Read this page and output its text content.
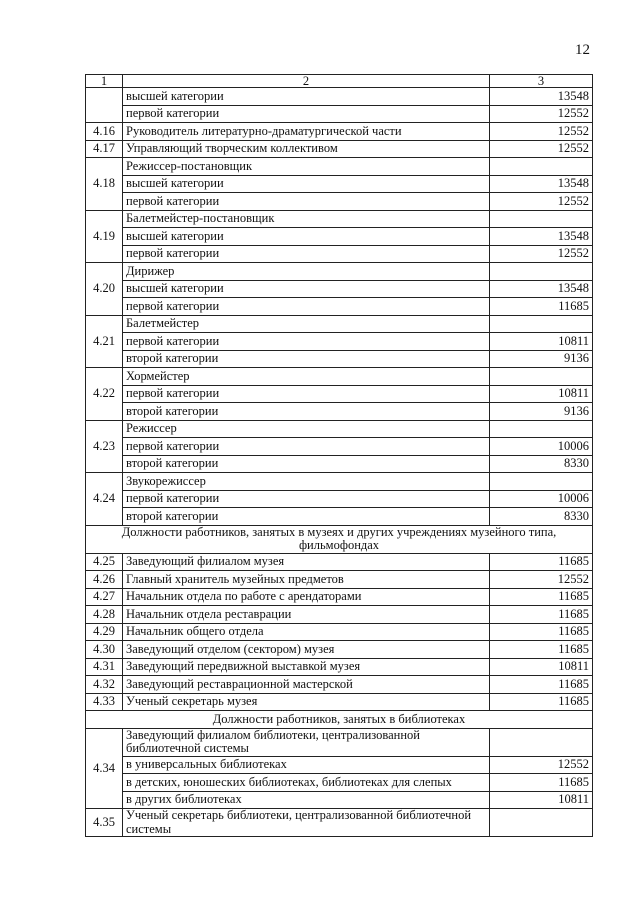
12
1	2	3
	высшей категории	13548
	первой категории	12552
4.16	Руководитель литературно-драматургической части	12552
4.17	Управляющий творческим коллективом	12552
4.18	Режиссер-постановщик	
	высшей категории	13548
	первой категории	12552
4.19	Балетмейстер-постановщик	
	высшей категории	13548
	первой категории	12552
4.20	Дирижер	
	высшей категории	13548
	первой категории	11685
4.21	Балетмейстер	
	первой категории	10811
	второй категории	9136
4.22	Хормейстер	
	первой категории	10811
	второй категории	9136
4.23	Режиссер	
	первой категории	10006
	второй категории	8330
4.24	Звукорежиссер	
	первой категории	10006
	второй категории	8330
Должности работников, занятых в музеях и других учреждениях музейного типа, фильмофондах		
4.25	Заведующий филиалом музея	11685
4.26	Главный хранитель музейных предметов	12552
4.27	Начальник отдела по работе с арендаторами	11685
4.28	Начальник отдела реставрации	11685
4.29	Начальник общего отдела	11685
4.30	Заведующий отделом (сектором) музея	11685
4.31	Заведующий передвижной выставкой музея	10811
4.32	Заведующий реставрационной мастерской	11685
4.33	Ученый секретарь музея	11685
Должности работников, занятых в библиотеках		
4.34	Заведующий филиалом библиотеки, централизованной библиотечной системы	
	в универсальных библиотеках	12552
	в детских, юношеских библиотеках, библиотеках для слепых	11685
	в других библиотеках	10811
4.35	Ученый секретарь библиотеки, централизованной библиотечной системы	
